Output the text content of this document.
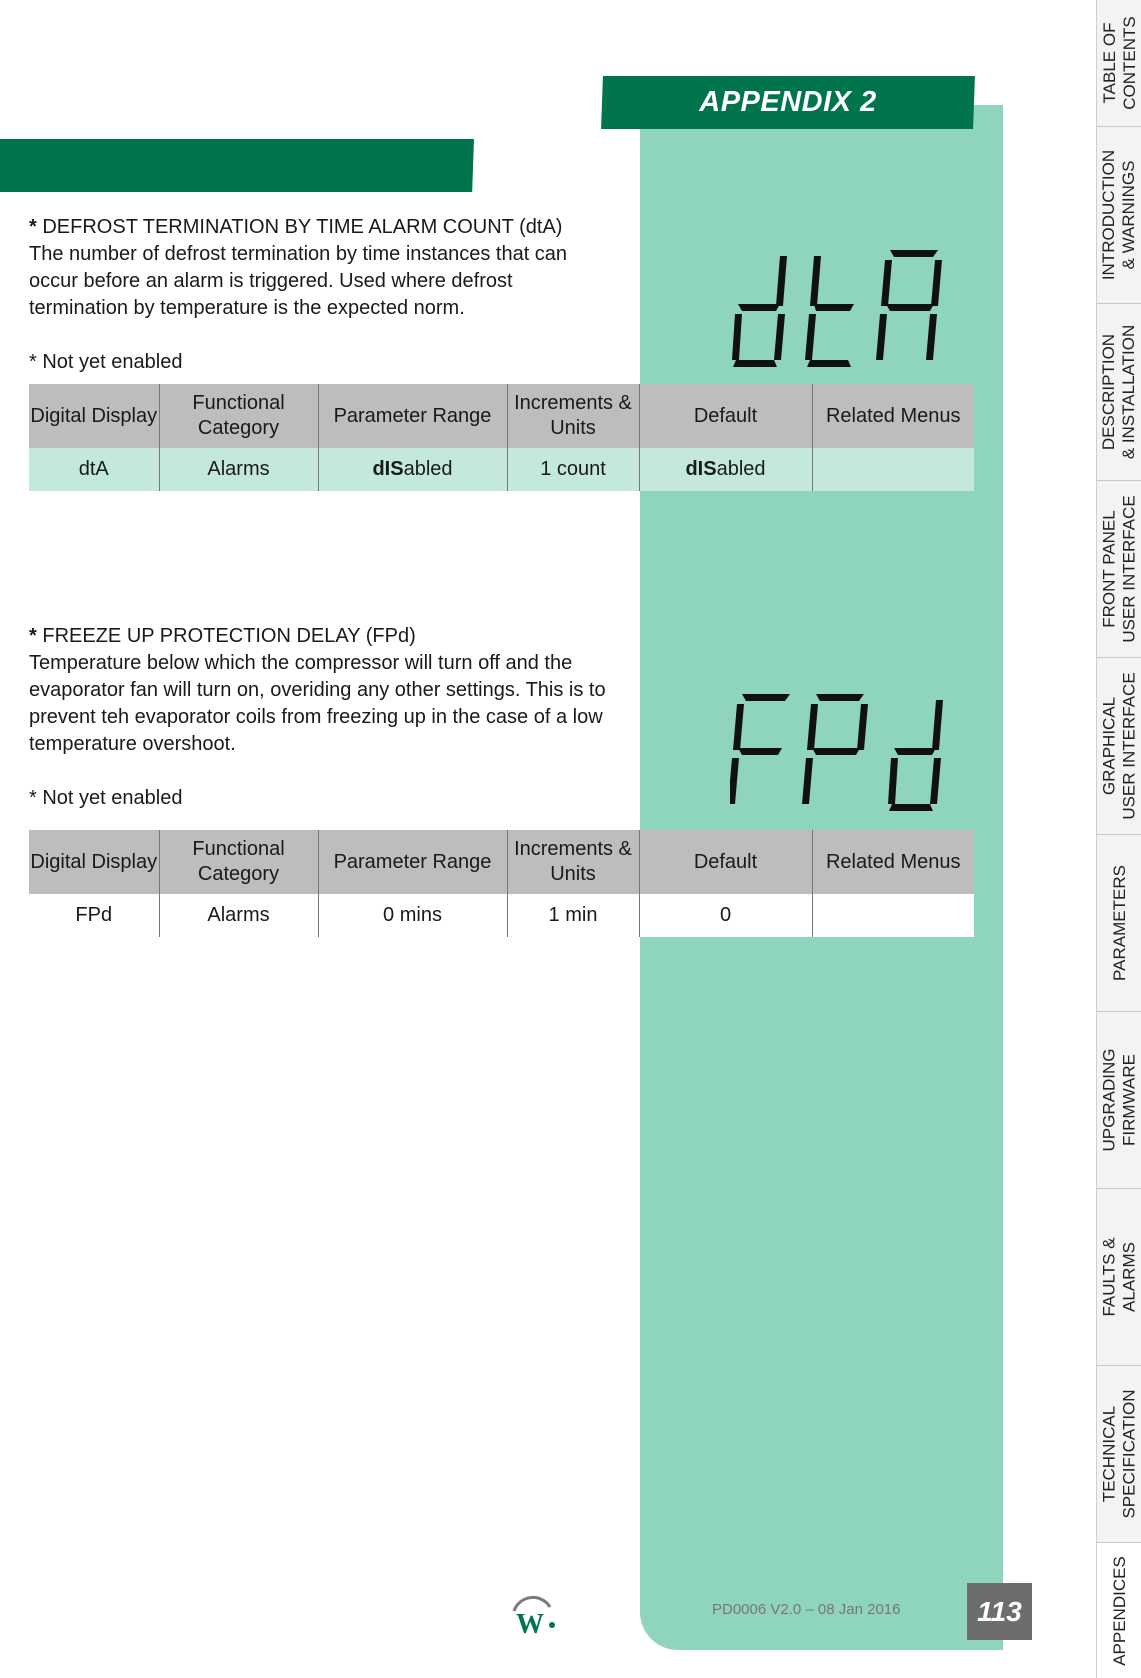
APPENDIX 2

* DEFROST TERMINATION BY TIME ALARM COUNT (dtA)

The number of defrost termination by time instances that can occur before an alarm is triggered. Used where defrost termination by temperature is the expected norm.

* Not yet enabled

Digital Display	Functional Category	Parameter Range	Increments & Units	Default	Related Menus
dtA	Alarms	dISabled	1 count	dISabled	

* FREEZE UP PROTECTION DELAY (FPd)

Temperature below which the compressor will turn off and the evaporator fan will turn on, overiding any other settings. This is to prevent teh evaporator coils from freezing up in the case of a low temperature overshoot.

* Not yet enabled

Digital Display	Functional Category	Parameter Range	Increments & Units	Default	Related Menus
FPd	Alarms	0 mins	1 min	0	
TABLE OF
CONTENTS
INTRODUCTION
& WARNINGS
DESCRIPTION
& INSTALLATION
FRONT PANEL
USER INTERFACE
GRAPHICAL
USER INTERFACE
PARAMETERS
UPGRADING
FIRMWARE
FAULTS &
ALARMS
TECHNICAL
SPECIFICATION
APPENDICES
W	PD0006 V2.0 – 08 Jan 2016	113
